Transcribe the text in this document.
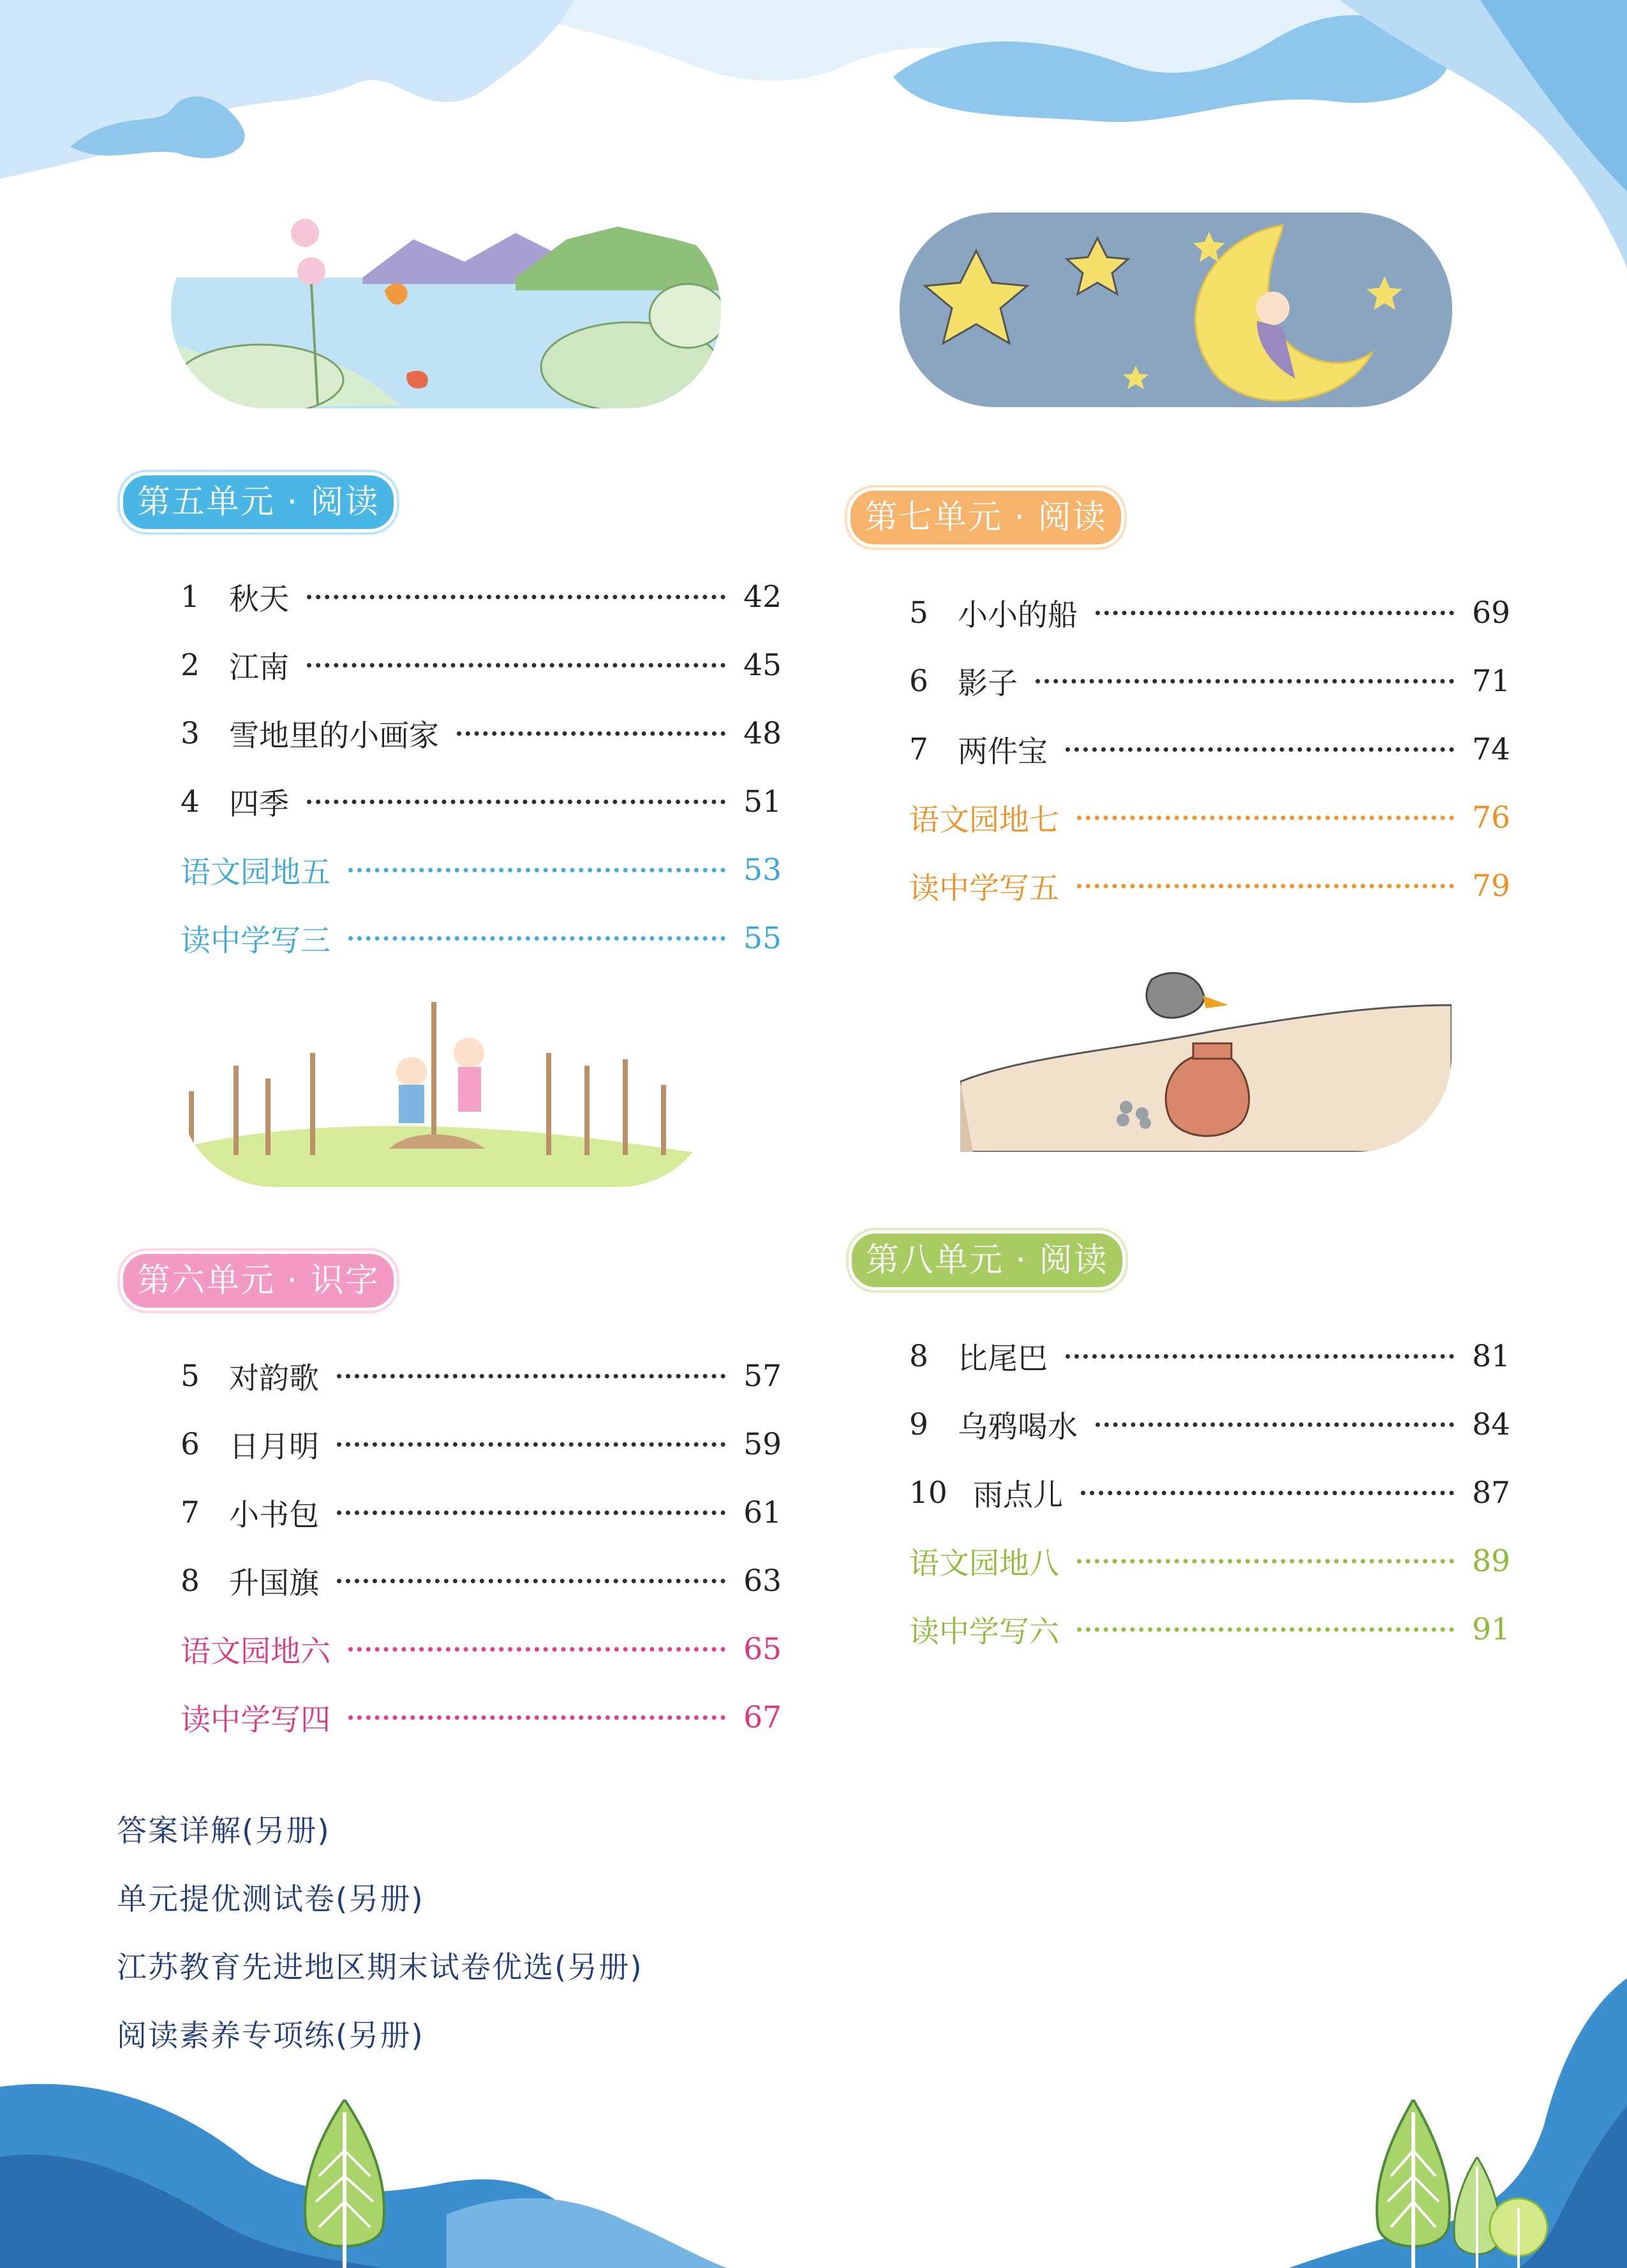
第五单元 · 阅读
1 秋天	42
2 江南	45
3 雪地里的小画家	48
4 四季	51
语文园地五	53
读中学写三	55
第六单元 · 识字
5 对韵歌	57
6 日月明	59
7 小书包	61
8 升国旗	63
语文园地六	65
读中学写四	67
第七单元 · 阅读
5 小小的船	69
6 影子	71
7 两件宝	74
语文园地七	76
读中学写五	79
第八单元 · 阅读
8 比尾巴	81
9 乌鸦喝水	84
10 雨点儿	87
语文园地八	89
读中学写六	91
答案详解(另册)
单元提优测试卷(另册)
江苏教育先进地区期末试卷优选(另册)
阅读素养专项练(另册)
